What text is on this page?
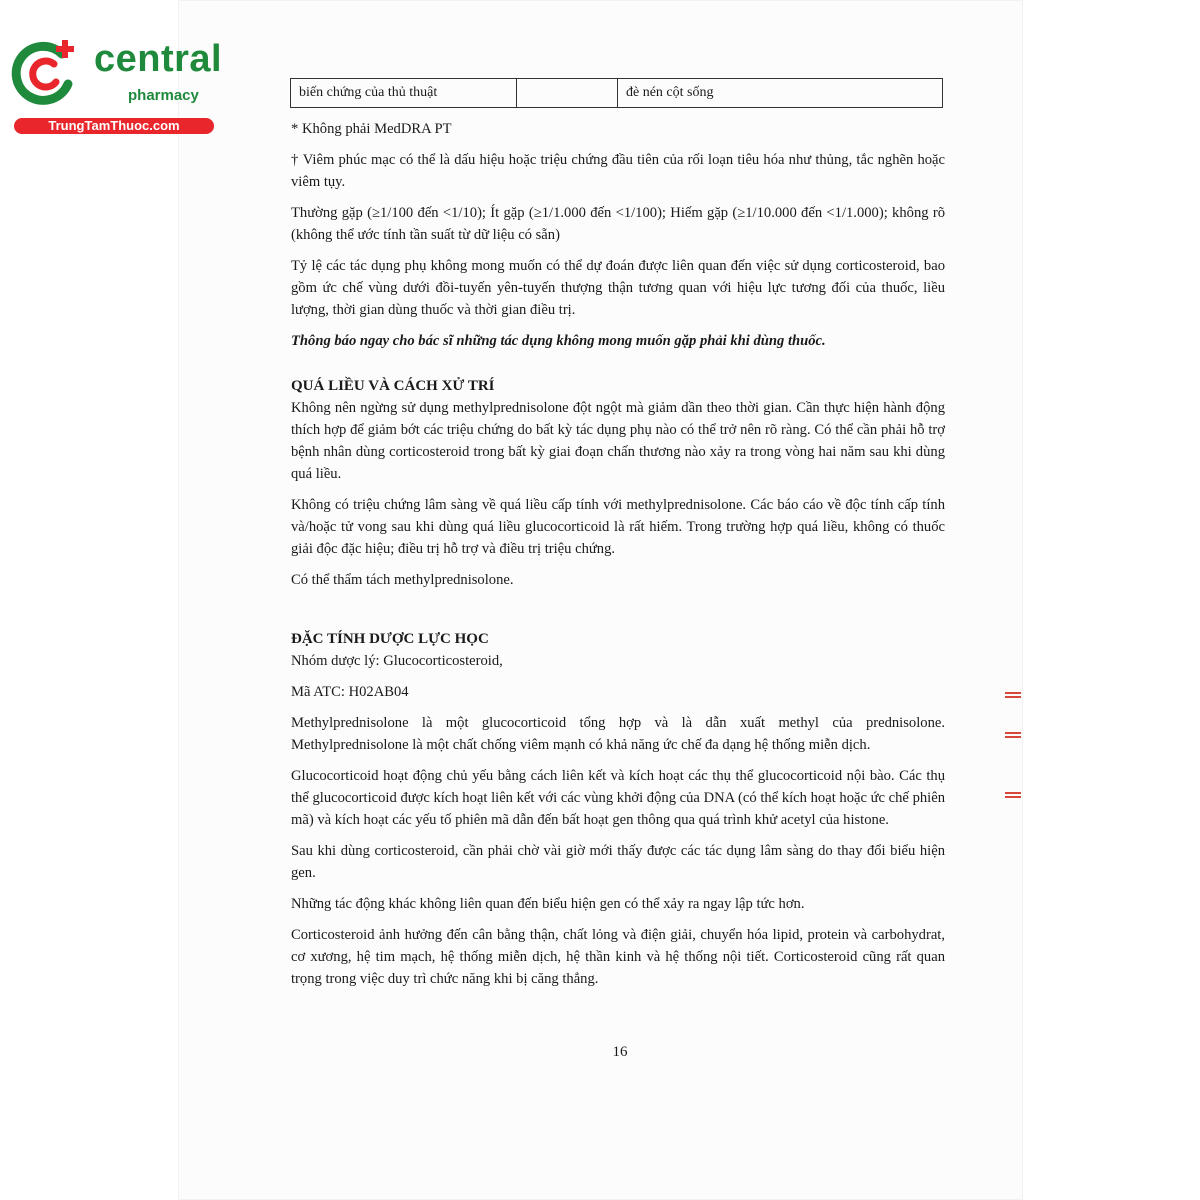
central
pharmacy
TrungTamThuoc.com
biến chứng của thủ thuật	đè nén cột sống

* Không phải MedDRA PT

† Viêm phúc mạc có thể là dấu hiệu hoặc triệu chứng đầu tiên của rối loạn tiêu hóa như thủng, tắc nghẽn hoặc viêm tụy.

Thường gặp (≥1/100 đến <1/10); Ít gặp (≥1/1.000 đến <1/100); Hiếm gặp (≥1/10.000 đến <1/1.000); không rõ (không thể ước tính tần suất từ dữ liệu có sẵn)

Tỷ lệ các tác dụng phụ không mong muốn có thể dự đoán được liên quan đến việc sử dụng corticosteroid, bao gồm ức chế vùng dưới đồi-tuyến yên-tuyến thượng thận tương quan với hiệu lực tương đối của thuốc, liều lượng, thời gian dùng thuốc và thời gian điều trị.

Thông báo ngay cho bác sĩ những tác dụng không mong muốn gặp phải khi dùng thuốc.

QUÁ LIỀU VÀ CÁCH XỬ TRÍ

Không nên ngừng sử dụng methylprednisolone đột ngột mà giảm dần theo thời gian. Cần thực hiện hành động thích hợp để giảm bớt các triệu chứng do bất kỳ tác dụng phụ nào có thể trở nên rõ ràng. Có thể cần phải hỗ trợ bệnh nhân dùng corticosteroid trong bất kỳ giai đoạn chấn thương nào xảy ra trong vòng hai năm sau khi dùng quá liều.

Không có triệu chứng lâm sàng về quá liều cấp tính với methylprednisolone. Các báo cáo về độc tính cấp tính và/hoặc tử vong sau khi dùng quá liều glucocorticoid là rất hiếm. Trong trường hợp quá liều, không có thuốc giải độc đặc hiệu; điều trị hỗ trợ và điều trị triệu chứng.

Có thể thẩm tách methylprednisolone.

ĐẶC TÍNH DƯỢC LỰC HỌC

Nhóm dược lý: Glucocorticosteroid,

Mã ATC: H02AB04

Methylprednisolone là một glucocorticoid tổng hợp và là dẫn xuất methyl của prednisolone. Methylprednisolone là một chất chống viêm mạnh có khả năng ức chế đa dạng hệ thống miễn dịch.

Glucocorticoid hoạt động chủ yếu bằng cách liên kết và kích hoạt các thụ thể glucocorticoid nội bào. Các thụ thể glucocorticoid được kích hoạt liên kết với các vùng khởi động của DNA (có thể kích hoạt hoặc ức chế phiên mã) và kích hoạt các yếu tố phiên mã dẫn đến bất hoạt gen thông qua quá trình khử acetyl của histone.

Sau khi dùng corticosteroid, cần phải chờ vài giờ mới thấy được các tác dụng lâm sàng do thay đổi biểu hiện gen.

Những tác động khác không liên quan đến biểu hiện gen có thể xảy ra ngay lập tức hơn.

Corticosteroid ảnh hưởng đến cân bằng thận, chất lỏng và điện giải, chuyển hóa lipid, protein và carbohydrat, cơ xương, hệ tim mạch, hệ thống miễn dịch, hệ thần kinh và hệ thống nội tiết. Corticosteroid cũng rất quan trọng trong việc duy trì chức năng khi bị căng thẳng.

16
